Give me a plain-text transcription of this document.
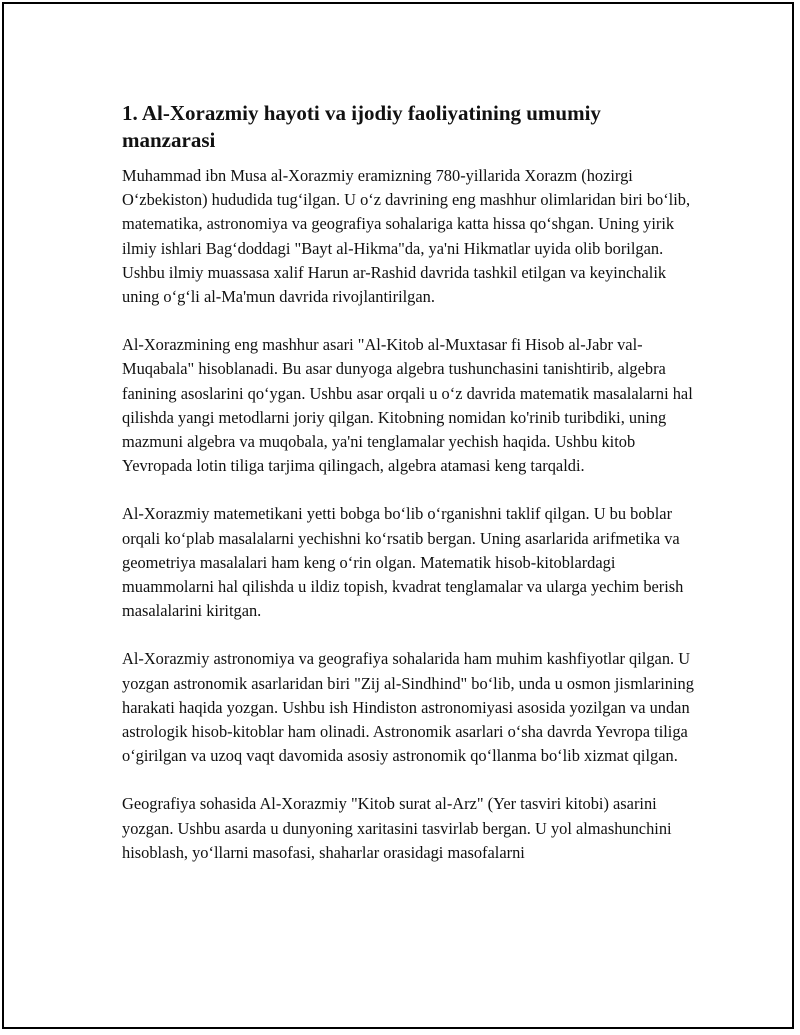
1. Al-Xorazmiy hayoti va ijodiy faoliyatining umumiy manzarasi

Muhammad ibn Musa al-Xorazmiy eramizning 780-yillarida Xorazm (hozirgi O‘zbekiston) hududida tug‘ilgan. U o‘z davrining eng mashhur olimlaridan biri bo‘lib, matematika, astronomiya va geografiya sohalariga katta hissa qo‘shgan. Uning yirik ilmiy ishlari Bag‘doddagi "Bayt al-Hikma"da, ya'ni Hikmatlar uyida olib borilgan. Ushbu ilmiy muassasa xalif Harun ar-Rashid davrida tashkil etilgan va keyinchalik uning o‘g‘li al-Ma'mun davrida rivojlantirilgan.

Al-Xorazmining eng mashhur asari "Al-Kitob al-Muxtasar fi Hisob al-Jabr val-Muqabala" hisoblanadi. Bu asar dunyoga algebra tushunchasini tanishtirib, algebra fanining asoslarini qo‘ygan. Ushbu asar orqali u o‘z davrida matematik masalalarni hal qilishda yangi metodlarni joriy qilgan. Kitobning nomidan ko'rinib turibdiki, uning mazmuni algebra va muqobala, ya'ni tenglamalar yechish haqida. Ushbu kitob Yevropada lotin tiliga tarjima qilingach, algebra atamasi keng tarqaldi.

Al-Xorazmiy matemetikani yetti bobga bo‘lib o‘rganishni taklif qilgan. U bu boblar orqali ko‘plab masalalarni yechishni ko‘rsatib bergan. Uning asarlarida arifmetika va geometriya masalalari ham keng o‘rin olgan. Matematik hisob-kitoblardagi muammolarni hal qilishda u ildiz topish, kvadrat tenglamalar va ularga yechim berish masalalarini kiritgan.

Al-Xorazmiy astronomiya va geografiya sohalarida ham muhim kashfiyotlar qilgan. U yozgan astronomik asarlaridan biri "Zij al-Sindhind" bo‘lib, unda u osmon jismlarining harakati haqida yozgan. Ushbu ish Hindiston astronomiyasi asosida yozilgan va undan astrologik hisob-kitoblar ham olinadi. Astronomik asarlari o‘sha davrda Yevropa tiliga o‘girilgan va uzoq vaqt davomida asosiy astronomik qo‘llanma bo‘lib xizmat qilgan.

Geografiya sohasida Al-Xorazmiy "Kitob surat al-Arz" (Yer tasviri kitobi) asarini yozgan. Ushbu asarda u dunyoning xaritasini tasvirlab bergan. U yol almashunchini hisoblash, yo‘llarni masofasi, shaharlar orasidagi masofalarni
